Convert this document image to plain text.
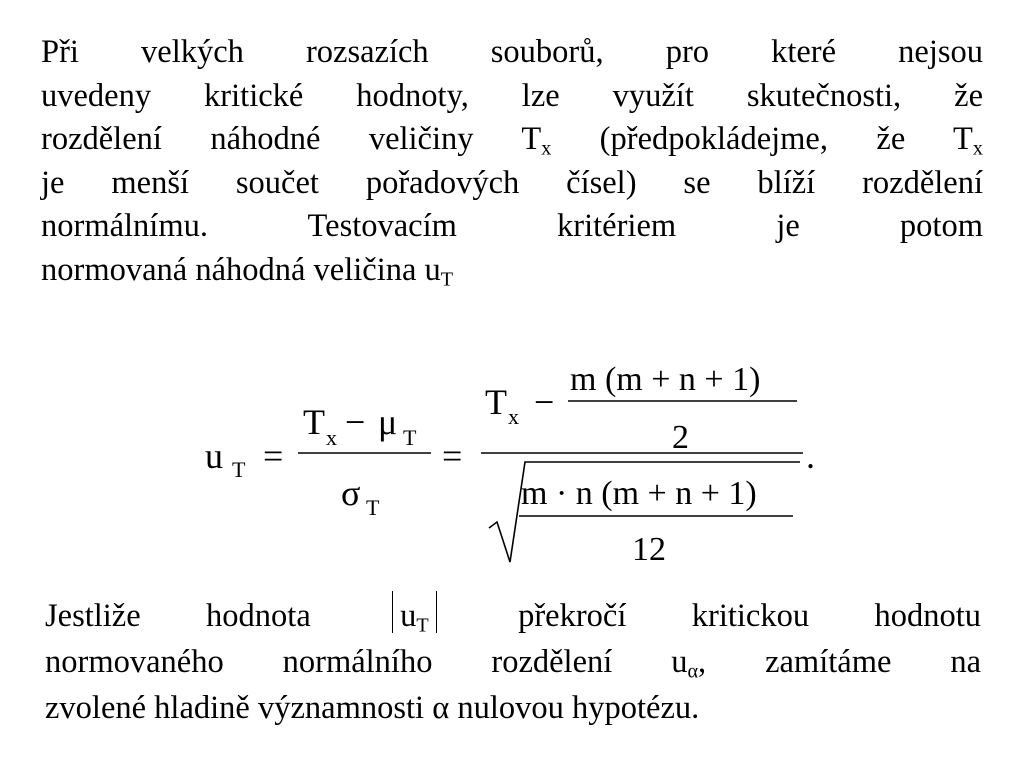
Při velkých rozsazích souborů, pro které nejsou
uvedeny kritické hodnoty, lze využít skutečnosti, že
rozdělení náhodné veličiny $T_x$ (předpokládejme, že $T_x$
je menší součet pořadových čísel) se blíží rozdělení
normálnímu. Testovacím kritériem je potom
normovaná náhodná veličina $u_T$
u T =
T x − μ T
σ T
=
T x −
m (m + n + 1)
2
m · n (m + n + 1)
12
.
Jestliže hodnota	$u_T$	překročí kritickou hodnotu
normovaného normálního rozdělení $u_\alpha$, zamítáme na
zvolené hladině významnosti α nulovou hypotézu.
